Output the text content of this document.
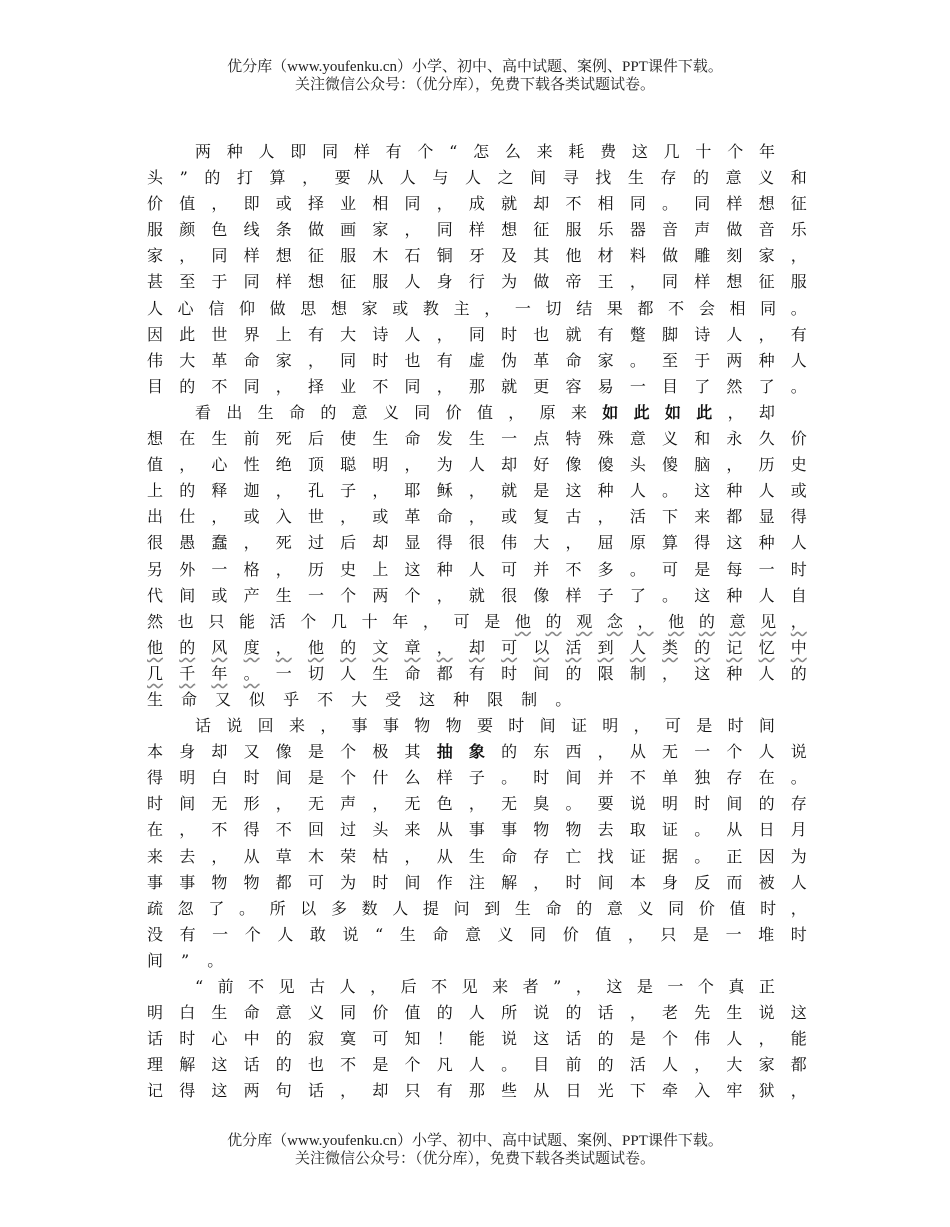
优分库（www.youfenku.cn）小学、初中、高中试题、案例、PPT课件下载。
关注微信公众号：（优分库），免费下载各类试题试卷。
两 种 人 即 同 样 有 个 “ 怎 么 来 耗 费 这 几 十 个 年
头 ” 的 打 算 ， 要 从 人 与 人 之 间 寻 找 生 存 的 意 义 和
价 值 ， 即 或 择 业 相 同 ， 成 就 却 不 相 同 。 同 样 想 征
服 颜 色 线 条 做 画 家 ， 同 样 想 征 服 乐 器 音 声 做 音 乐
家 ， 同 样 想 征 服 木 石 铜 牙 及 其 他 材 料 做 雕 刻 家 ，
甚 至 于 同 样 想 征 服 人 身 行 为 做 帝 王 ， 同 样 想 征 服
人 心 信 仰 做 思 想 家 或 教 主 ， 一 切 结 果 都 不 会 相 同 。
因 此 世 界 上 有 大 诗 人 ， 同 时 也 就 有 蹩 脚 诗 人 ， 有
伟 大 革 命 家 ， 同 时 也 有 虚 伪 革 命 家 。 至 于 两 种 人
目 的 不 同 ， 择 业 不 同 ， 那 就 更 容 易 一 目 了 然 了 。
看 出 生 命 的 意 义 同 价 值 ， 原 来 如 此 如 此 ， 却
想 在 生 前 死 后 使 生 命 发 生 一 点 特 殊 意 义 和 永 久 价
值 ， 心 性 绝 顶 聪 明 ， 为 人 却 好 像 傻 头 傻 脑 ， 历 史
上 的 释 迦 ， 孔 子 ， 耶 稣 ， 就 是 这 种 人 。 这 种 人 或
出 仕 ， 或 入 世 ， 或 革 命 ， 或 复 古 ， 活 下 来 都 显 得
很 愚 蠢 ， 死 过 后 却 显 得 很 伟 大 ， 屈 原 算 得 这 种 人
另 外 一 格 ， 历 史 上 这 种 人 可 并 不 多 。 可 是 每 一 时
代 间 或 产 生 一 个 两 个 ， 就 很 像 样 子 了 。 这 种 人 自
然 也 只 能 活 个 几 十 年 ， 可 是 他 的 观 念 ， 他 的 意 见 ，
他 的 风 度 ， 他 的 文 章 ， 却 可 以 活 到 人 类 的 记 忆 中
几 千 年 。 一 切 人 生 命 都 有 时 间 的 限 制 ， 这 种 人 的
生 命 又 似 乎 不 大 受 这 种 限 制 。
话 说 回 来 ， 事 事 物 物 要 时 间 证 明 ， 可 是 时 间
本 身 却 又 像 是 个 极 其 抽 象 的 东 西 ， 从 无 一 个 人 说
得 明 白 时 间 是 个 什 么 样 子 。 时 间 并 不 单 独 存 在 。
时 间 无 形 ， 无 声 ， 无 色 ， 无 臭 。 要 说 明 时 间 的 存
在 ， 不 得 不 回 过 头 来 从 事 事 物 物 去 取 证 。 从 日 月
来 去 ， 从 草 木 荣 枯 ， 从 生 命 存 亡 找 证 据 。 正 因 为
事 事 物 物 都 可 为 时 间 作 注 解 ， 时 间 本 身 反 而 被 人
疏 忽 了 。 所 以 多 数 人 提 问 到 生 命 的 意 义 同 价 值 时 ，
没 有 一 个 人 敢 说 “ 生 命 意 义 同 价 值 ， 只 是 一 堆 时
间 ” 。
“ 前 不 见 古 人 ， 后 不 见 来 者 ” ， 这 是 一 个 真 正
明 白 生 命 意 义 同 价 值 的 人 所 说 的 话 ， 老 先 生 说 这
话 时 心 中 的 寂 寞 可 知 ！ 能 说 这 话 的 是 个 伟 人 ， 能
理 解 这 话 的 也 不 是 个 凡 人 。 目 前 的 活 人 ， 大 家 都
记 得 这 两 句 话 ， 却 只 有 那 些 从 日 光 下 牵 入 牢 狱 ，
优分库（www.youfenku.cn）小学、初中、高中试题、案例、PPT课件下载。
关注微信公众号：（优分库），免费下载各类试题试卷。
